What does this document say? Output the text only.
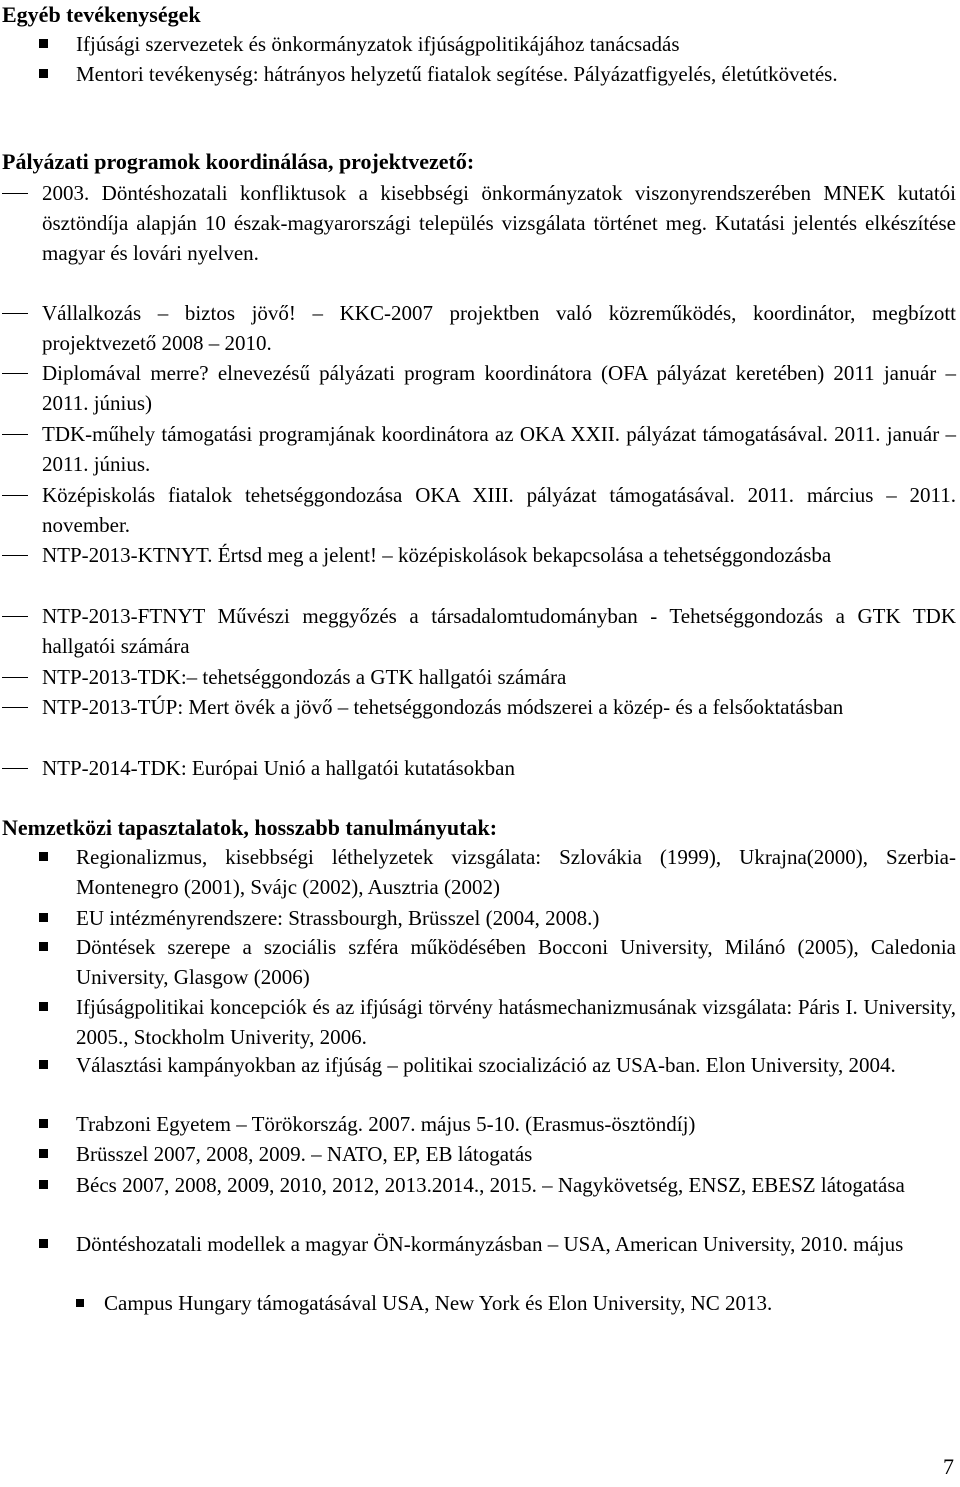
Egyéb tevékenységek
Ifjúsági szervezetek és önkormányzatok ifjúságpolitikájához tanácsadás
Mentori tevékenység: hátrányos helyzetű fiatalok segítése. Pályázatfigyelés, életútkövetés.
Pályázati programok koordinálása, projektvezető:
2003. Döntéshozatali konfliktusok a kisebbségi önkormányzatok viszonyrendszerében MNEK kutatói ösztöndíja alapján 10 észak-magyarországi település vizsgálata történet meg. Kutatási jelentés elkészítése magyar és lovári nyelven.
Vállalkozás – biztos jövő! – KKC-2007 projektben való közreműködés, koordinátor, megbízott projektvezető 2008 – 2010.
Diplomával merre? elnevezésű pályázati program koordinátora (OFA pályázat keretében) 2011 január – 2011. június)
TDK-műhely támogatási programjának koordinátora az OKA XXII. pályázat támogatásával. 2011. január – 2011. június.
Középiskolás fiatalok tehetséggondozása OKA XIII. pályázat támogatásával. 2011. március – 2011. november.
NTP-2013-KTNYT. Értsd meg a jelent! – középiskolások bekapcsolása a tehetséggondozásba
NTP-2013-FTNYT Művészi meggyőzés a társadalomtudományban - Tehetséggondozás a GTK TDK hallgatói számára
NTP-2013-TDK:– tehetséggondozás a GTK hallgatói számára
NTP-2013-TÚP: Mert övék a jövő – tehetséggondozás módszerei a közép- és a felsőoktatásban
NTP-2014-TDK: Európai Unió a hallgatói kutatásokban
Nemzetközi tapasztalatok, hosszabb tanulmányutak:
Regionalizmus, kisebbségi léthelyzetek vizsgálata: Szlovákia (1999), Ukrajna(2000), Szerbia-Montenegro (2001), Svájc (2002), Ausztria (2002)
EU intézményrendszere: Strassbourgh, Brüsszel (2004, 2008.)
Döntések szerepe a szociális szféra működésében Bocconi University, Milánó (2005), Caledonia University, Glasgow (2006)
Ifjúságpolitikai koncepciók és az ifjúsági törvény hatásmechanizmusának vizsgálata: Páris I. University, 2005., Stockholm Univerity, 2006.
Választási kampányokban az ifjúság – politikai szocializáció az USA-ban. Elon University, 2004.
Trabzoni Egyetem – Törökország. 2007. május 5-10. (Erasmus-ösztöndíj)
Brüsszel 2007, 2008, 2009. – NATO, EP, EB látogatás
Bécs 2007, 2008, 2009, 2010, 2012, 2013.2014., 2015. – Nagykövetség, ENSZ, EBESZ látogatása
Döntéshozatali modellek a magyar ÖN-kormányzásban – USA, American University, 2010. május
Campus Hungary támogatásával USA, New York és Elon University, NC 2013.
7
